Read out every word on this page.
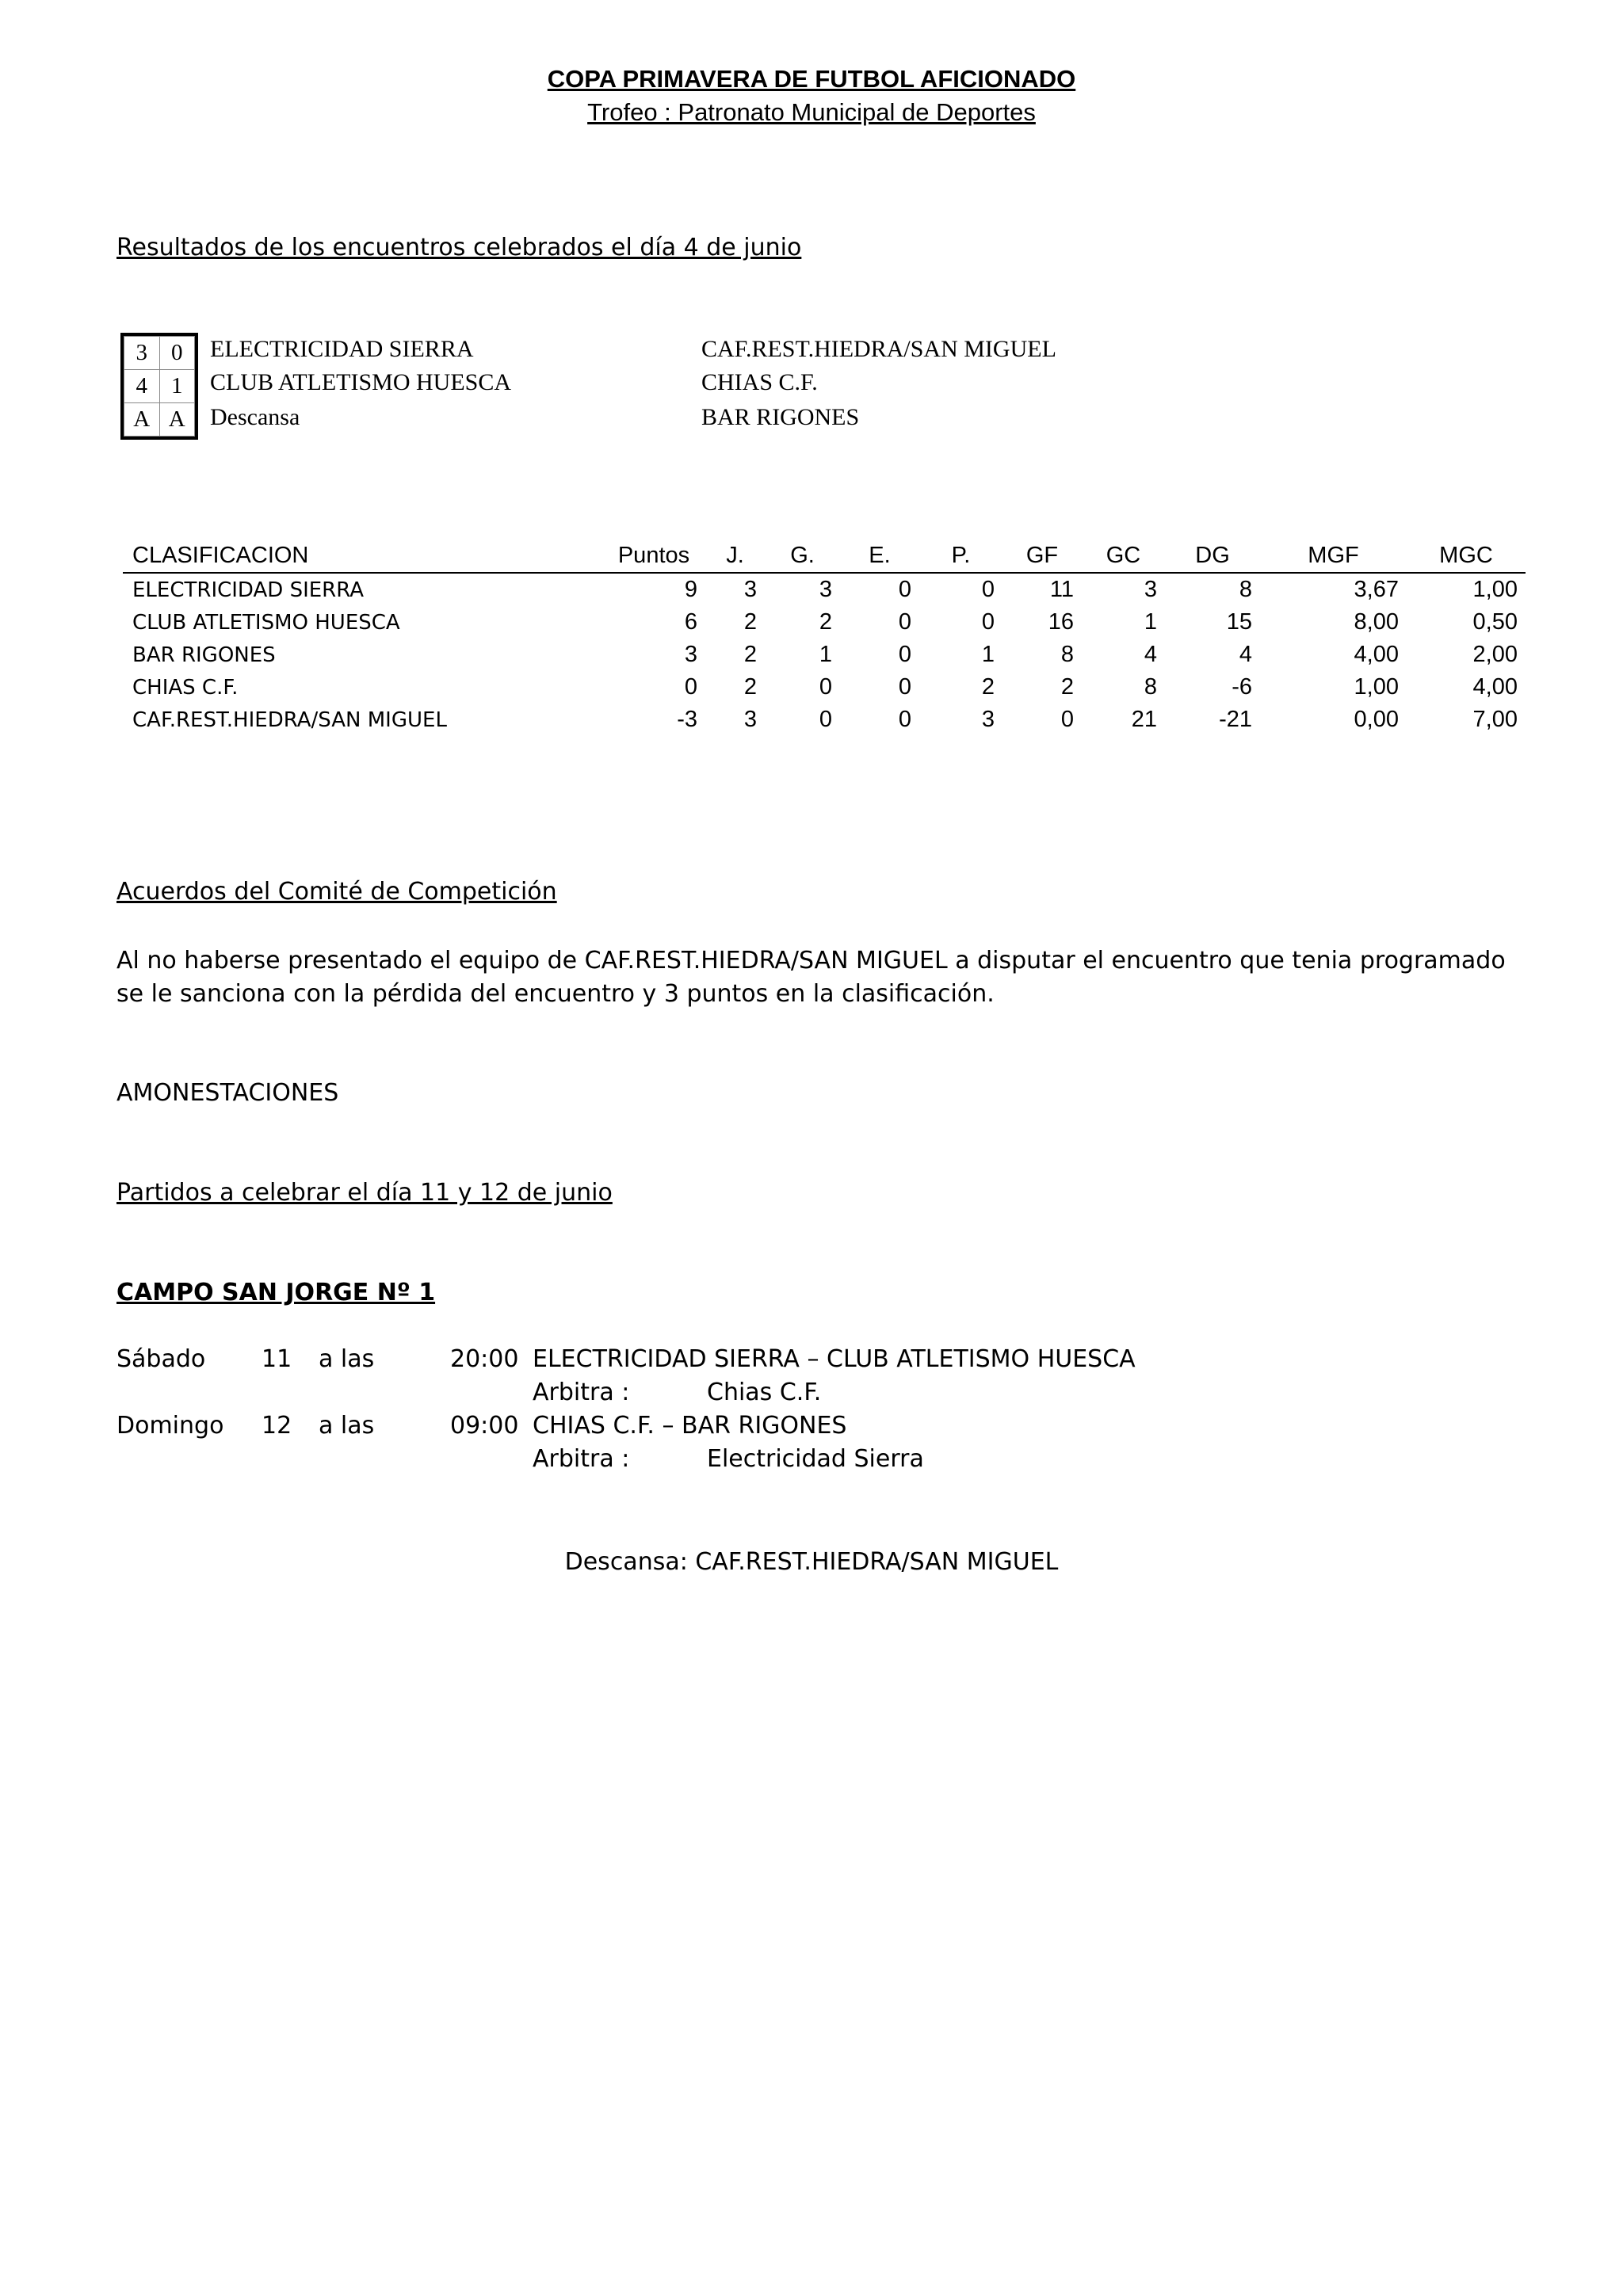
COPA PRIMAVERA DE FUTBOL AFICIONADO
Trofeo : Patronato Municipal de Deportes
Resultados de los encuentros celebrados el día 4 de junio
3	0
4	1
A	A
ELECTRICIDAD SIERRA	CAF.REST.HIEDRA/SAN MIGUEL
CLUB ATLETISMO HUESCA	CHIAS C.F.
Descansa	BAR RIGONES
CLASIFICACION	Puntos	J.	G.	E.	P.	GF	GC	DG	MGF	MGC
ELECTRICIDAD SIERRA	9	3	3	0	0	11	3	8	3,67	1,00
CLUB ATLETISMO HUESCA	6	2	2	0	0	16	1	15	8,00	0,50
BAR RIGONES	3	2	1	0	1	8	4	4	4,00	2,00
CHIAS C.F.	0	2	0	0	2	2	8	-6	1,00	4,00
CAF.REST.HIEDRA/SAN MIGUEL	-3	3	0	0	3	0	21	-21	0,00	7,00
Acuerdos del Comité de Competición
Al no haberse presentado el equipo de CAF.REST.HIEDRA/SAN MIGUEL a disputar el encuentro que tenia programado se le sanciona con la pérdida del encuentro y 3 puntos en la clasificación.
AMONESTACIONES
Partidos a celebrar el día 11 y 12 de junio
CAMPO SAN JORGE Nº 1
Sábado 11 a las	20:00 ELECTRICIDAD SIERRA – CLUB ATLETISMO HUESCA
Arbitra :	Chias C.F.
Domingo 12 a las	09:00 CHIAS C.F. – BAR RIGONES
Arbitra :	Electricidad Sierra
Descansa: CAF.REST.HIEDRA/SAN MIGUEL
